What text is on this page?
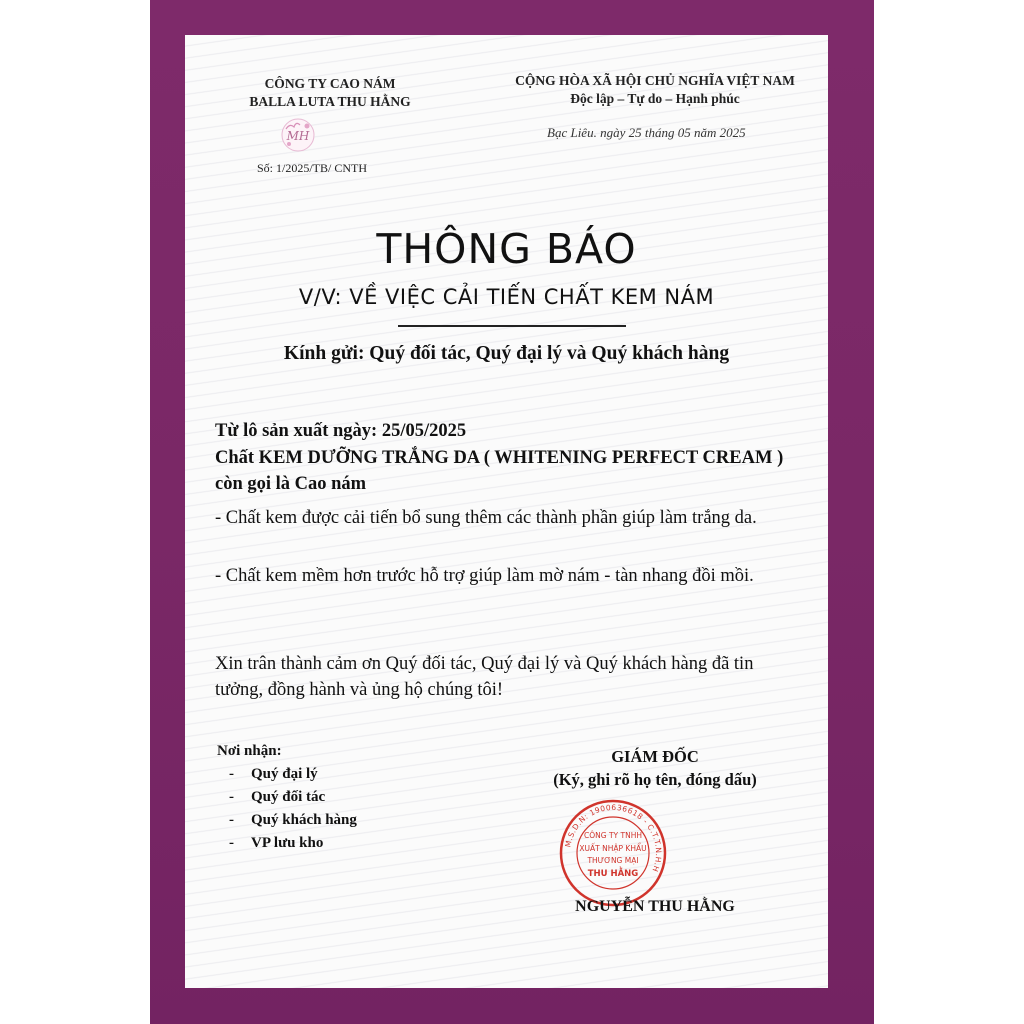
CÔNG TY CAO NÁM
BALLA LUTA THU HẰNG
MH
Số: 1/2025/TB/ CNTH
CỘNG HÒA XÃ HỘI CHỦ NGHĨA VIỆT NAM
Độc lập – Tự do – Hạnh phúc
Bạc Liêu. ngày 25 tháng 05 năm 2025
THÔNG BÁO
V/V: VỀ VIỆC CẢI TIẾN CHẤT KEM NÁM
Kính gửi: Quý đối tác, Quý đại lý và Quý khách hàng
Từ lô sản xuất ngày: 25/05/2025
Chất KEM DƯỠNG TRẮNG DA ( WHITENING PERFECT CREAM ) còn gọi là Cao nám
- Chất kem được cải tiến bổ sung thêm các thành phần giúp làm trắng da.
- Chất kem mềm hơn trước hỗ trợ giúp làm mờ nám - tàn nhang đồi mồi.
Xin trân thành cảm ơn Quý đối tác, Quý đại lý và Quý khách hàng đã tin tưởng, đồng hành và ủng hộ chúng tôi!
Nơi nhận:
- Quý đại lý
- Quý đối tác
- Quý khách hàng
- VP lưu kho
GIÁM ĐỐC
(Ký, ghi rõ họ tên, đóng dấu)
M.S.D.N: 1900636618 - C.T.T.N.H.H
CÔNG TY TNHH
XUẤT NHẬP KHẨU
THƯƠNG MẠI
THU HẰNG
NGUYỄN THU HẰNG
